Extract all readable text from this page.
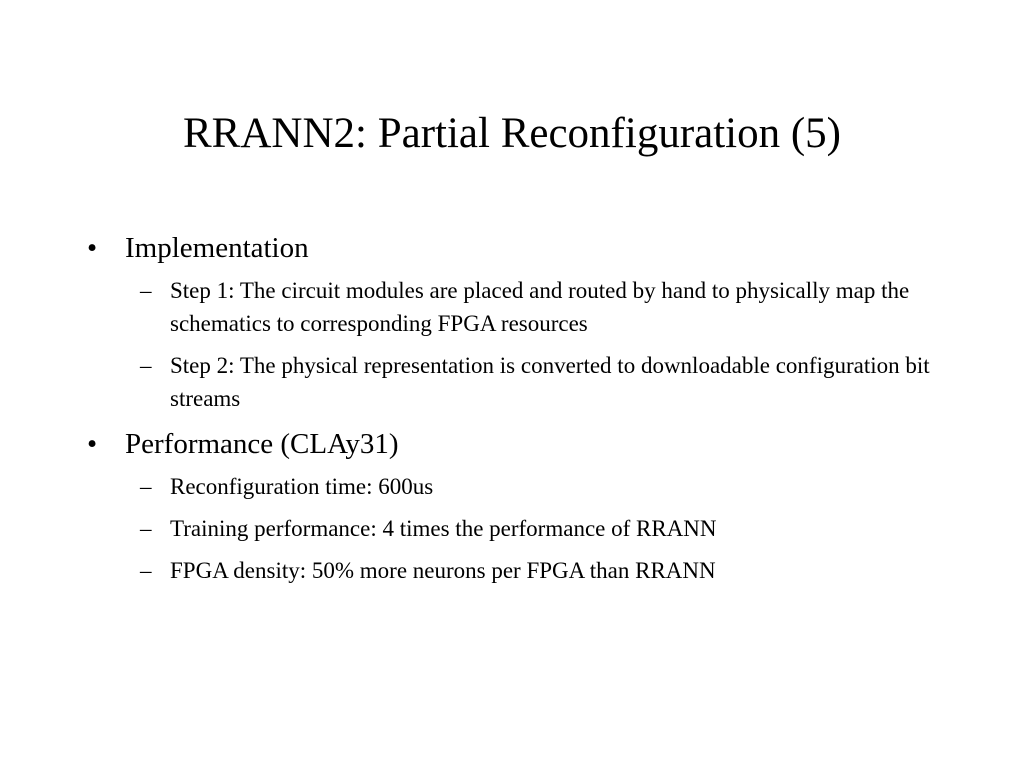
RRANN2: Partial Reconfiguration (5)
• Implementation
– Step 1: The circuit modules are placed and routed by hand to physically map the schematics to corresponding FPGA resources
– Step 2: The physical representation is converted to downloadable configuration bit streams
• Performance (CLAy31)
– Reconfiguration time: 600us
– Training performance: 4 times the performance of RRANN
– FPGA density: 50% more neurons per FPGA than RRANN
